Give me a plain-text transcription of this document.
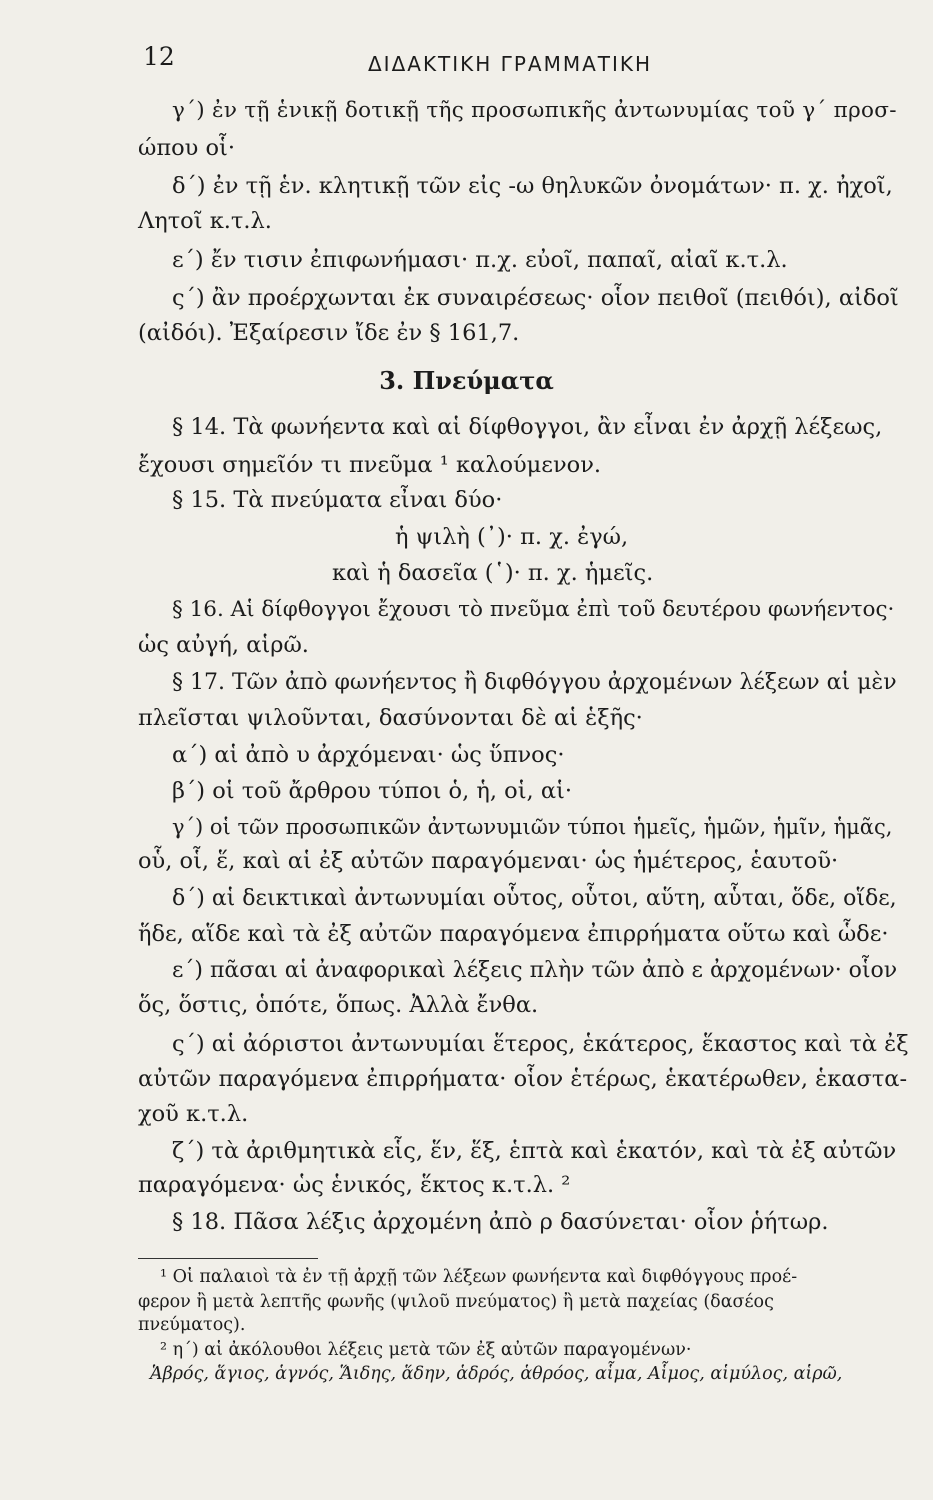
12	ΔΙΔΑΚΤΙΚΗ ΓΡΑΜΜΑΤΙΚΗ
γ΄) ἐν τῇ ἑνικῇ δοτικῇ τῆς προσωπικῆς ἀντωνυμίας τοῦ γ΄ προσ-
ώπου οἷ·
δ΄) ἐν τῇ ἑν. κλητικῇ τῶν εἰς -ω θηλυκῶν ὀνομάτων· π. χ. ἠχοῖ,
Λητοῖ κ.τ.λ.
ε΄) ἔν τισιν ἐπιφωνήμασι· π.χ. εὐοῖ, παπαῖ, αἰαῖ κ.τ.λ.
ς΄) ἂν προέρχωνται ἐκ συναιρέσεως· οἷον πειθοῖ (πειθόι), αἰδοῖ
(αἰδόι). Ἐξαίρεσιν ἴδε ἐν § 161,7.
3. Πνεύματα
§ 14. Τὰ φωνήεντα καὶ αἱ δίφθογγοι, ἂν εἶναι ἐν ἀρχῇ λέξεως,
ἔχουσι σημεῖόν τι πνεῦμα ¹ καλούμενον.
§ 15. Τὰ πνεύματα εἶναι δύο·
ἡ ψιλὴ (᾿)· π. χ. ἐγώ,
καὶ ἡ δασεῖα (῾)· π. χ. ἡμεῖς.
§ 16. Αἱ δίφθογγοι ἔχουσι τὸ πνεῦμα ἐπὶ τοῦ δευτέρου φωνήεντος·
ὡς αὐγή, αἱρῶ.
§ 17. Τῶν ἀπὸ φωνήεντος ἢ διφθόγγου ἀρχομένων λέξεων αἱ μὲν
πλεῖσται ψιλοῦνται, δασύνονται δὲ αἱ ἑξῆς·
α΄) αἱ ἀπὸ υ ἀρχόμεναι· ὡς ὕπνος·
β΄) οἱ τοῦ ἄρθρου τύποι ὁ, ἡ, οἱ, αἱ·
γ΄) οἱ τῶν προσωπικῶν ἀντωνυμιῶν τύποι ἡμεῖς, ἡμῶν, ἡμῖν, ἡμᾶς,
οὗ, οἷ, ἕ, καὶ αἱ ἐξ αὐτῶν παραγόμεναι· ὡς ἡμέτερος, ἑαυτοῦ·
δ΄) αἱ δεικτικαὶ ἀντωνυμίαι οὗτος, οὗτοι, αὕτη, αὗται, ὅδε, οἵδε,
ἥδε, αἵδε καὶ τὰ ἐξ αὐτῶν παραγόμενα ἐπιρρήματα οὕτω καὶ ὧδε·
ε΄) πᾶσαι αἱ ἀναφορικαὶ λέξεις πλὴν τῶν ἀπὸ ε ἀρχομένων· οἷον
ὅς, ὅστις, ὁπότε, ὅπως. Ἀλλὰ ἔνθα.
ς΄) αἱ ἀόριστοι ἀντωνυμίαι ἕτερος, ἑκάτερος, ἕκαστος καὶ τὰ ἐξ
αὐτῶν παραγόμενα ἐπιρρήματα· οἷον ἑτέρως, ἑκατέρωθεν, ἑκαστα-
χοῦ κ.τ.λ.
ζ΄) τὰ ἀριθμητικὰ εἷς, ἕν, ἕξ, ἑπτὰ καὶ ἑκατόν, καὶ τὰ ἐξ αὐτῶν
παραγόμενα· ὡς ἑνικός, ἕκτος κ.τ.λ. ²
§ 18. Πᾶσα λέξις ἀρχομένη ἀπὸ ρ δασύνεται· οἷον ῥήτωρ.
¹ Οἱ παλαιοὶ τὰ ἐν τῇ ἀρχῇ τῶν λέξεων φωνήεντα καὶ διφθόγγους προέ-
φερον ἢ μετὰ λεπτῆς φωνῆς (ψιλοῦ πνεύματος) ἢ μετὰ παχείας (δασέος
πνεύματος).
² η΄) αἱ ἀκόλουθοι λέξεις μετὰ τῶν ἐξ αὐτῶν παραγομένων·
Ἁβρός, ἅγιος, ἁγνός, Ἅιδης, ἅδην, ἁδρός, ἁθρόος, αἷμα, Αἷμος, αἱμύλος, αἱρῶ,
